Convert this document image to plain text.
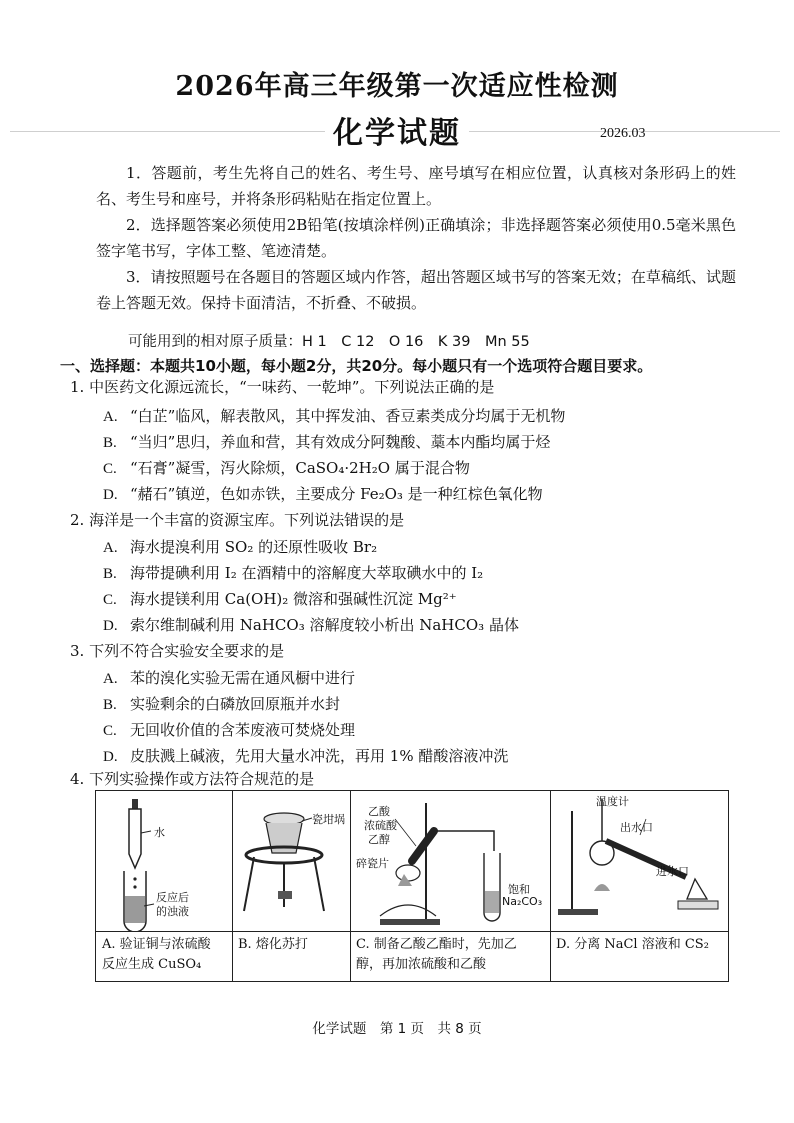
2026年高三年级第一次适应性检测
化学试题	2026.03

1．答题前，考生先将自己的姓名、考生号、座号填写在相应位置，认真核对条形码上的姓名、考生号和座号，并将条形码粘贴在指定位置上。

2．选择题答案必须使用2B铅笔(按填涂样例)正确填涂；非选择题答案必须使用0.5毫米黑色签字笔书写，字体工整、笔迹清楚。

3．请按照题号在各题目的答题区域内作答，超出答题区域书写的答案无效；在草稿纸、试题卷上答题无效。保持卡面清洁，不折叠、不破损。

可能用到的相对原子质量：H 1　C 12　O 16　K 39　Mn 55
一、选择题：本题共10小题，每小题2分，共20分。每小题只有一个选项符合题目要求。
1. 中医药文化源远流长，“一味药、一乾坤”。下列说法正确的是
A. “白芷”临风，解表散风，其中挥发油、香豆素类成分均属于无机物
B. “当归”思归，养血和营，其有效成分阿魏酸、藁本内酯均属于烃
C. “石膏”凝雪，泻火除烦，CaSO₄·2H₂O 属于混合物
D. “赭石”镇逆，色如赤铁，主要成分 Fe₂O₃ 是一种红棕色氧化物
2. 海洋是一个丰富的资源宝库。下列说法错误的是
A. 海水提溴利用 SO₂ 的还原性吸收 Br₂
B. 海带提碘利用 I₂ 在酒精中的溶解度大萃取碘水中的 I₂
C. 海水提镁利用 Ca(OH)₂ 微溶和强碱性沉淀 Mg²⁺
D. 索尔维制碱利用 NaHCO₃ 溶解度较小析出 NaHCO₃ 晶体
3. 下列不符合实验安全要求的是
A. 苯的溴化实验无需在通风橱中进行
B. 实验剩余的白磷放回原瓶并水封
C. 无回收价值的含苯废液可焚烧处理
D. 皮肤溅上碱液，先用大量水冲洗，再用 1% 醋酸溶液冲洗
4. 下列实验操作或方法符合规范的是
水
反应后
的浊液
A. 验证铜与浓硫酸
反应生成 CuSO₄
瓷坩埚
B. 熔化苏打
乙酸
浓硫酸
乙醇
碎瓷片
饱和
Na₂CO₃
C. 制备乙酸乙酯时，先加乙
醇，再加浓硫酸和乙酸
温度计
出水口
进水口
D. 分离 NaCl 溶液和 CS₂
化学试题　第 1 页　共 8 页
